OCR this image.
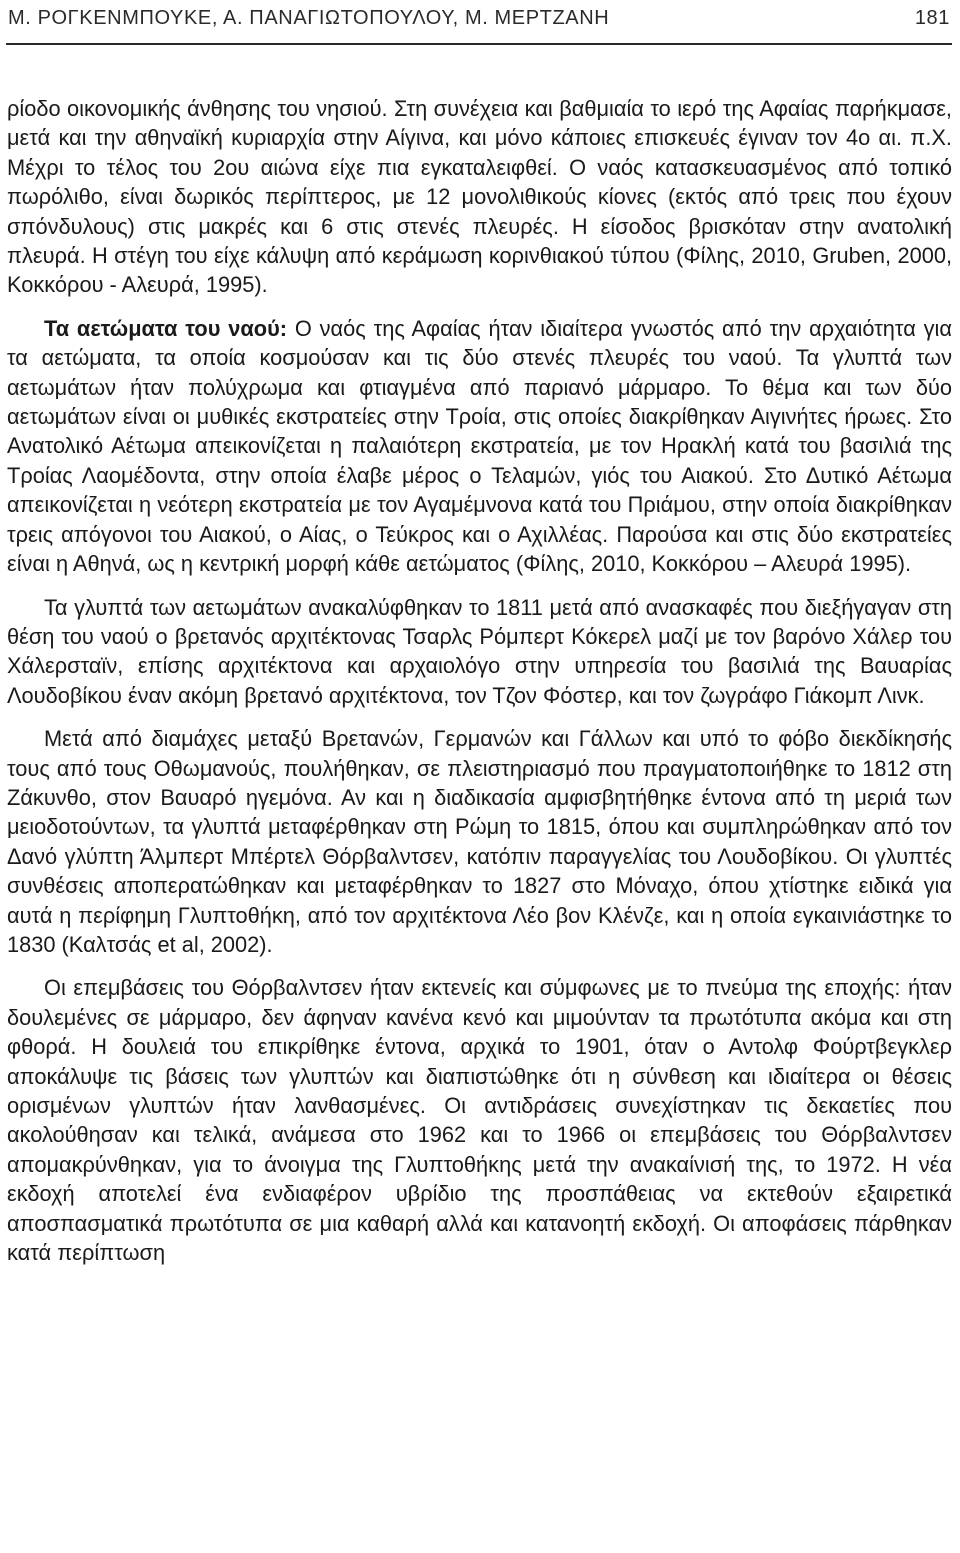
Μ. ΡΟΓΚΕΝΜΠΟΥΚΕ, Α. ΠΑΝΑΓΙΩΤΟΠΟΥΛΟΥ, Μ. ΜΕΡΤΖΑΝΗ	181

ρίοδο οικονομικής άνθησης του νησιού. Στη συνέχεια και βαθμιαία το ιερό της Αφαίας παρήκμασε, μετά και την αθηναϊκή κυριαρχία στην Αίγινα, και μόνο κάποιες επισκευές έγιναν τον 4ο αι. π.Χ. Μέχρι το τέλος του 2ου αιώνα είχε πια εγκαταλειφθεί. Ο ναός κατασκευασμένος από τοπικό πωρόλιθο, είναι δωρικός περίπτερος, με 12 μονολιθικούς κίονες (εκτός από τρεις που έχουν σπόνδυλους) στις μακρές και 6 στις στενές πλευρές. Η είσοδος βρισκόταν στην ανατολική πλευρά. Η στέγη του είχε κάλυψη από κεράμωση κορινθιακού τύπου (Φίλης, 2010, Gruben, 2000, Κοκκόρου - Αλευρά, 1995).

Τα αετώματα του ναού: Ο ναός της Αφαίας ήταν ιδιαίτερα γνωστός από την αρχαιότητα για τα αετώματα, τα οποία κοσμούσαν και τις δύο στενές πλευρές του ναού. Τα γλυπτά των αετωμάτων ήταν πολύχρωμα και φτιαγμένα από παριανό μάρμαρο. Το θέμα και των δύο αετωμάτων είναι οι μυθικές εκστρατείες στην Τροία, στις οποίες διακρίθηκαν Αιγινήτες ήρωες. Στο Ανατολικό Αέτωμα απεικονίζεται η παλαιότερη εκστρατεία, με τον Ηρακλή κατά του βασιλιά της Τροίας Λαομέδοντα, στην οποία έλαβε μέρος ο Τελαμών, γιός του Αιακού. Στο Δυτικό Αέτωμα απεικονίζεται η νεότερη εκστρατεία με τον Αγαμέμνονα κατά του Πριάμου, στην οποία διακρίθηκαν τρεις απόγονοι του Αιακού, ο Αίας, ο Τεύκρος και ο Αχιλλέας. Παρούσα και στις δύο εκστρατείες είναι η Αθηνά, ως η κεντρική μορφή κάθε αετώματος (Φίλης, 2010, Κοκκόρου – Αλευρά 1995).

Τα γλυπτά των αετωμάτων ανακαλύφθηκαν το 1811 μετά από ανασκαφές που διεξήγαγαν στη θέση του ναού ο βρετανός αρχιτέκτονας Τσαρλς Ρόμπερτ Κόκερελ μαζί με τον βαρόνο Χάλερ του Χάλερσταϊν, επίσης αρχιτέκτονα και αρχαιολόγο στην υπηρεσία του βασιλιά της Βαυαρίας Λουδοβίκου έναν ακόμη βρετανό αρχιτέκτονα, τον Τζον Φόστερ, και τον ζωγράφο Γιάκομπ Λινκ.

Μετά από διαμάχες μεταξύ Βρετανών, Γερμανών και Γάλλων και υπό το φόβο διεκδίκησής τους από τους Οθωμανούς, πουλήθηκαν, σε πλειστηριασμό που πραγματοποιήθηκε το 1812 στη Ζάκυνθο, στον Βαυαρό ηγεμόνα. Αν και η διαδικασία αμφισβητήθηκε έντονα από τη μεριά των μειοδοτούντων, τα γλυπτά μεταφέρθηκαν στη Ρώμη το 1815, όπου και συμπληρώθηκαν από τον Δανό γλύπτη Άλμπερτ Μπέρτελ Θόρβαλντσεν, κατόπιν παραγγελίας του Λουδοβίκου. Οι γλυπτές συνθέσεις αποπερατώθηκαν και μεταφέρθηκαν το 1827 στο Μόναχο, όπου χτίστηκε ειδικά για αυτά η περίφημη Γλυπτοθήκη, από τον αρχιτέκτονα Λέο βον Κλένζε, και η οποία εγκαινιάστηκε το 1830 (Καλτσάς et al, 2002).

Οι επεμβάσεις του Θόρβαλντσεν ήταν εκτενείς και σύμφωνες με το πνεύμα της εποχής: ήταν δουλεμένες σε μάρμαρο, δεν άφηναν κανένα κενό και μιμούνταν τα πρωτότυπα ακόμα και στη φθορά. Η δουλειά του επικρίθηκε έντονα, αρχικά το 1901, όταν ο Αντολφ Φούρτβεγκλερ αποκάλυψε τις βάσεις των γλυπτών και διαπιστώθηκε ότι η σύνθεση και ιδιαίτερα οι θέσεις ορισμένων γλυπτών ήταν λανθασμένες. Οι αντιδράσεις συνεχίστηκαν τις δεκαετίες που ακολούθησαν και τελικά, ανάμεσα στο 1962 και το 1966 οι επεμβάσεις του Θόρβαλντσεν απομακρύνθηκαν, για το άνοιγμα της Γλυπτοθήκης μετά την ανακαίνισή της, το 1972. Η νέα εκδοχή αποτελεί ένα ενδιαφέρον υβρίδιο της προσπάθειας να εκτεθούν εξαιρετικά αποσπασματικά πρωτότυπα σε μια καθαρή αλλά και κατανοητή εκδοχή. Οι αποφάσεις πάρθηκαν κατά περίπτωση
